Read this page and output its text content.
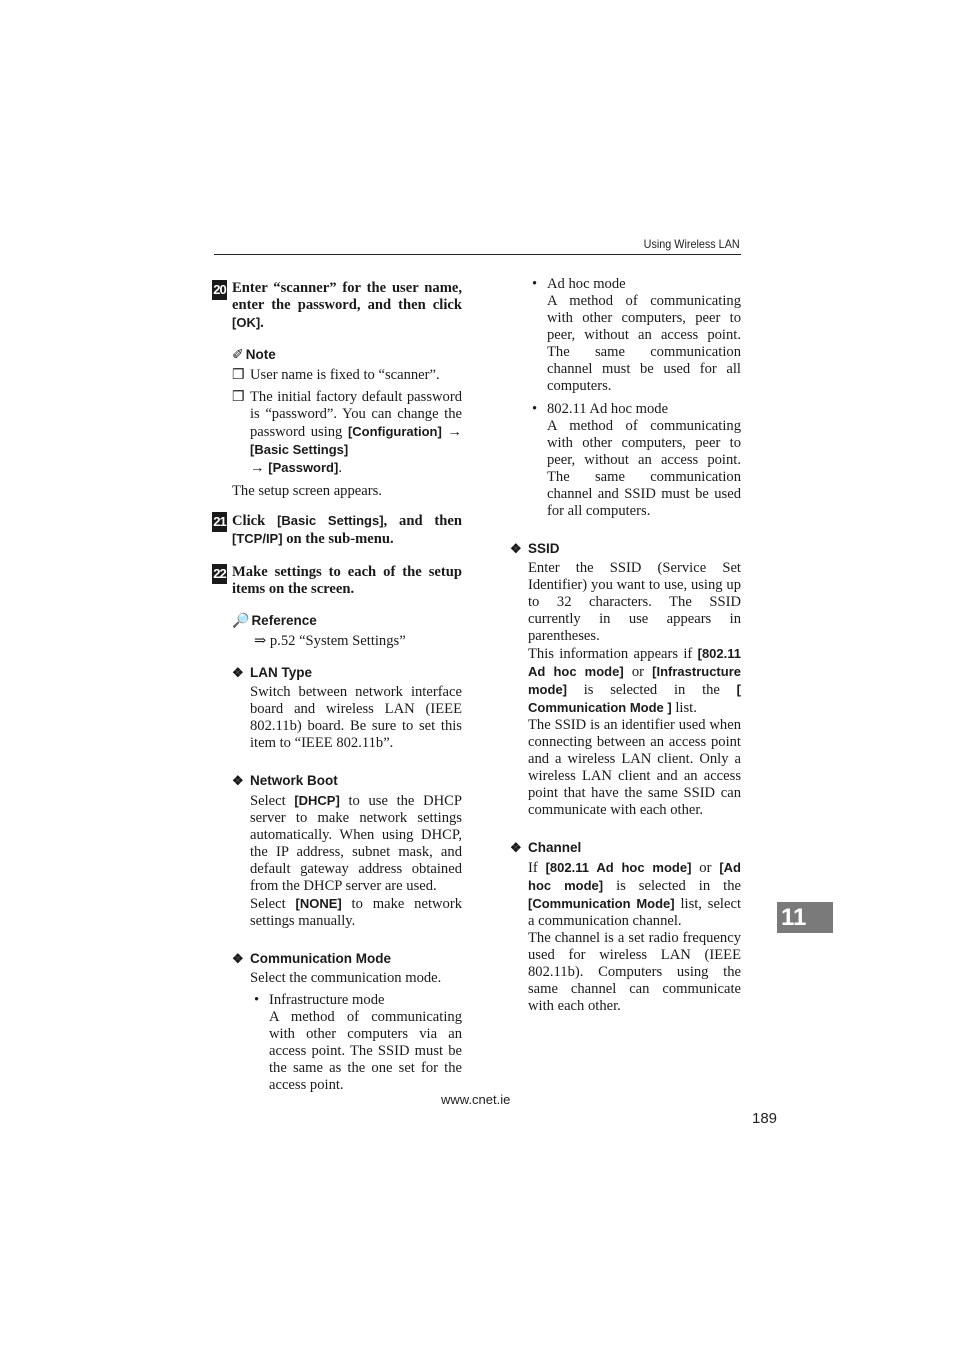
Using Wireless LAN
20 Enter “scanner” for the user name, enter the password, and then click [OK].
✐ Note
❒ User name is fixed to “scanner”.
❒ The initial factory default password is “password”. You can change the password using [Configuration] → [Basic Settings]
→ [Password].
The setup screen appears.
21 Click [Basic Settings], and then [TCP/IP] on the sub-menu.
22 Make settings to each of the setup items on the screen.
🔎 Reference
⇒ p.52 “System Settings”
❖ LAN Type
Switch between network interface board and wireless LAN (IEEE 802.11b) board. Be sure to set this item to “IEEE 802.11b”.
❖ Network Boot
Select [DHCP] to use the DHCP server to make network settings automatically. When using DHCP, the IP address, subnet mask, and default gateway address obtained from the DHCP server are used.
Select [NONE] to make network settings manually.
❖ Communication Mode
Select the communication mode.
• Infrastructure mode
A method of communicating with other computers via an access point. The SSID must be the same as the one set for the access point.
• Ad hoc mode
A method of communicating with other computers, peer to peer, without an access point. The same communication channel must be used for all computers.
• 802.11 Ad hoc mode
A method of communicating with other computers, peer to peer, without an access point. The same communication channel and SSID must be used for all computers.
❖ SSID
Enter the SSID (Service Set Identifier) you want to use, using up to 32 characters. The SSID currently in use appears in parentheses.
This information appears if [802.11 Ad hoc mode] or [Infrastructure mode] is selected in the [ Communication Mode ] list.
The SSID is an identifier used when connecting between an access point and a wireless LAN client. Only a wireless LAN client and an access point that have the same SSID can communicate with each other.
❖ Channel
If [802.11 Ad hoc mode] or [Ad hoc mode] is selected in the [Communication Mode] list, select a communication channel.
The channel is a set radio frequency used for wireless LAN (IEEE 802.11b). Computers using the same channel can communicate with each other.
11
www.cnet.ie
189
